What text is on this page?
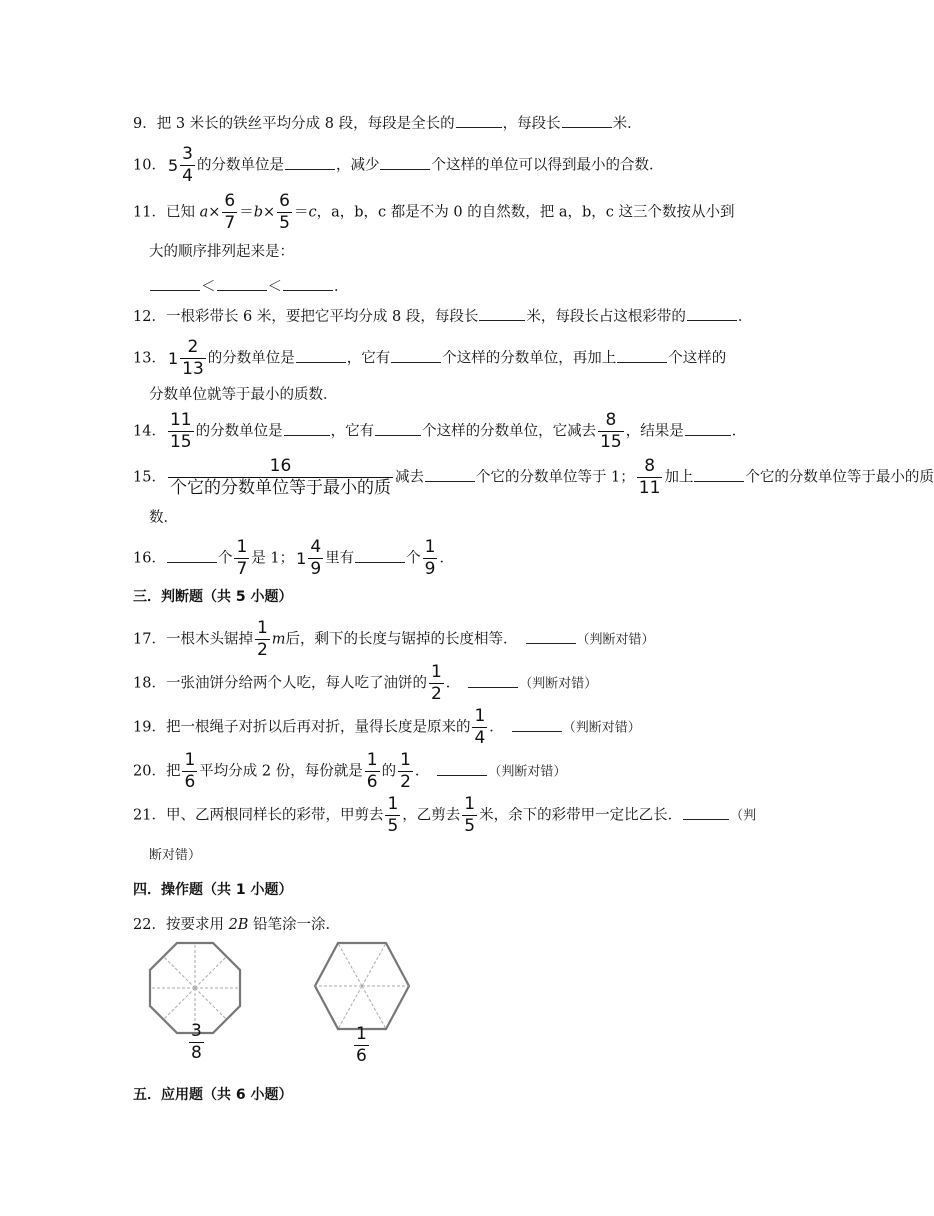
9．把 3 米长的铁丝平均分成 8 段，每段是全长的	，每段长	米．
10． $5 \frac{3}{4}$ 的分数单位是	，减少	个这样的单位可以得到最小的合数．
11．已知 $a\times \frac{6}{7} =b\times \frac{6}{5} =c$，a，b，c 都是不为 0 的自然数，把 a，b，c 这三个数按从小到
大的顺序排列起来是：
＜	＜	．
12．一根彩带长 6 米，要把它平均分成 8 段，每段长	米，每段长占这根彩带的	．
13． $1 \frac{2}{13}$ 的分数单位是	，它有	个这样的分数单位，再加上	个这样的
分数单位就等于最小的质数．
14． $\frac{11}{15}$ 的分数单位是	，它有	个这样的分数单位，它减去 $\frac{8}{15}$ ，结果是	．
15． $\frac{16}{\text{个它的分数单位等于最小的质}}$ 减去	个它的分数单位等于 1； $\frac{8}{11}$ 加上	个它的分数单位等于最小的质
数．
16．	个 $\frac{1}{7}$ 是 1； $1 \frac{4}{9}$ 里有	个 $\frac{1}{9}$ ．
三．判断题（共 5 小题）
17．一根木头锯掉 $\frac{1}{2}$ m后，剩下的长度与锯掉的长度相等．	（判断对错）
18．一张油饼分给两个人吃，每人吃了油饼的 $\frac{1}{2}$ ．	（判断对错）
19．把一根绳子对折以后再对折，量得长度是原来的 $\frac{1}{4}$ ．	（判断对错）
20．把 $\frac{1}{6}$ 平均分成 2 份，每份就是 $\frac{1}{6}$ 的 $\frac{1}{2}$ ．	（判断对错）
21．甲、乙两根同样长的彩带，甲剪去 $\frac{1}{5}$ ，乙剪去 $\frac{1}{5}$ 米，余下的彩带甲一定比乙长．	（判
断对错）
四．操作题（共 1 小题）
22．按要求用 2B 铅笔涂一涂．
$\frac{3}{8}$	$\frac{1}{6}$
五．应用题（共 6 小题）
